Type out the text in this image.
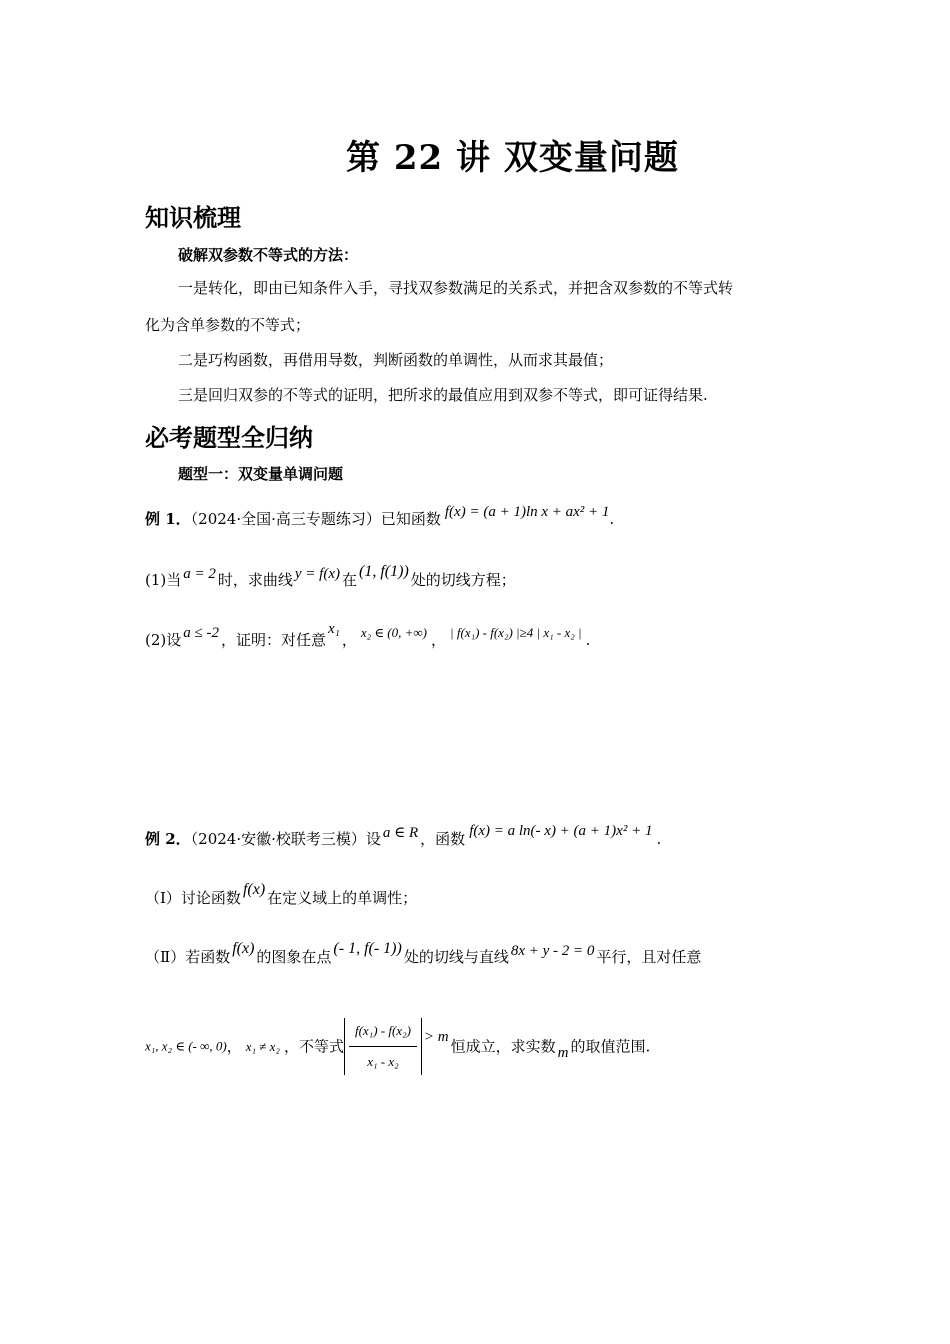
第 22 讲 双变量问题
知识梳理
破解双参数不等式的方法：
一是转化，即由已知条件入手，寻找双参数满足的关系式，并把含双参数的不等式转
化为含单参数的不等式；
二是巧构函数，再借用导数，判断函数的单调性，从而求其最值；
三是回归双参的不等式的证明，把所求的最值应用到双参不等式，即可证得结果.
必考题型全归纳
题型一：双变量单调问题
例 1．（2024·全国·高三专题练习）已知函数 f(x) = (a + 1)ln x + ax² + 1.
(1)当 a = 2 时，求曲线 y = f(x) 在 (1, f(1)) 处的切线方程；
(2)设 a ≤ -2 ，证明：对任意x₁， x₂ ∈ (0, +∞) ， | f(x₁) - f(x₂) |≥4 | x₁ - x₂ | .
例 2．（2024·安徽·校联考三模）设 a ∈ R ，函数 f(x) = a ln(- x) + (a + 1)x² + 1 .
（Ⅰ）讨论函数 f(x) 在定义域上的单调性；
（Ⅱ）若函数 f(x) 的图象在点 (- 1, f(- 1)) 处的切线与直线 8x + y - 2 = 0 平行，且对任意
x₁, x₂ ∈ (- ∞, 0)， x₁ ≠ x₂ ，不等式 $\frac{\text{f(x₁) - f(x₂)}}{\text{x₁ - x₂}} > m$恒成立，求实数 m 的取值范围.
